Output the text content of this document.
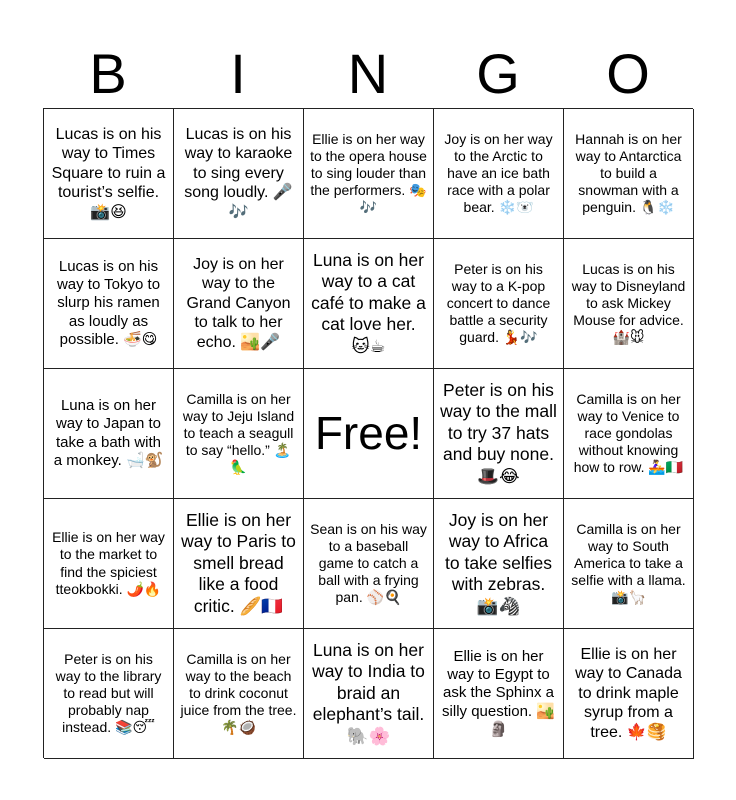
B	I	N	G	O
Lucas is on his way to Times Square to ruin a tourist’s selfie. 📸😆
Lucas is on his way to karaoke to sing every song loudly. 🎤🎶
Ellie is on her way to the opera house to sing louder than the performers. 🎭🎶
Joy is on her way to the Arctic to have an ice bath race with a polar bear. ❄️🐻‍❄️
Hannah is on her way to Antarctica to build a snowman with a penguin. 🐧❄️
Lucas is on his way to Tokyo to slurp his ramen as loudly as possible. 🍜😋
Joy is on her way to the Grand Canyon to talk to her echo. 🏜️🎤
Luna is on her way to a cat café to make a cat love her. 🐱☕
Peter is on his way to a K-pop concert to dance battle a security guard. 💃🎶
Lucas is on his way to Disneyland to ask Mickey Mouse for advice. 🏰🐭
Luna is on her way to Japan to take a bath with a monkey. 🛁🐒
Camilla is on her way to Jeju Island to teach a seagull to say “hello.” 🏝️🦜
Free!
Peter is on his way to the mall to try 37 hats and buy none. 🎩😂
Camilla is on her way to Venice to race gondolas without knowing how to row. 🚣‍♀️🇮🇹
Ellie is on her way to the market to find the spiciest tteokbokki. 🌶️🔥
Ellie is on her way to Paris to smell bread like a food critic. 🥖🇫🇷
Sean is on his way to a baseball game to catch a ball with a frying pan. ⚾🍳
Joy is on her way to Africa to take selfies with zebras. 📸🦓
Camilla is on her way to South America to take a selfie with a llama. 📸🦙
Peter is on his way to the library to read but will probably nap instead. 📚😴
Camilla is on her way to the beach to drink coconut juice from the tree. 🌴🥥
Luna is on her way to India to braid an elephant’s tail. 🐘🌸
Ellie is on her way to Egypt to ask the Sphinx a silly question. 🏜️🗿
Ellie is on her way to Canada to drink maple syrup from a tree. 🍁🥞
